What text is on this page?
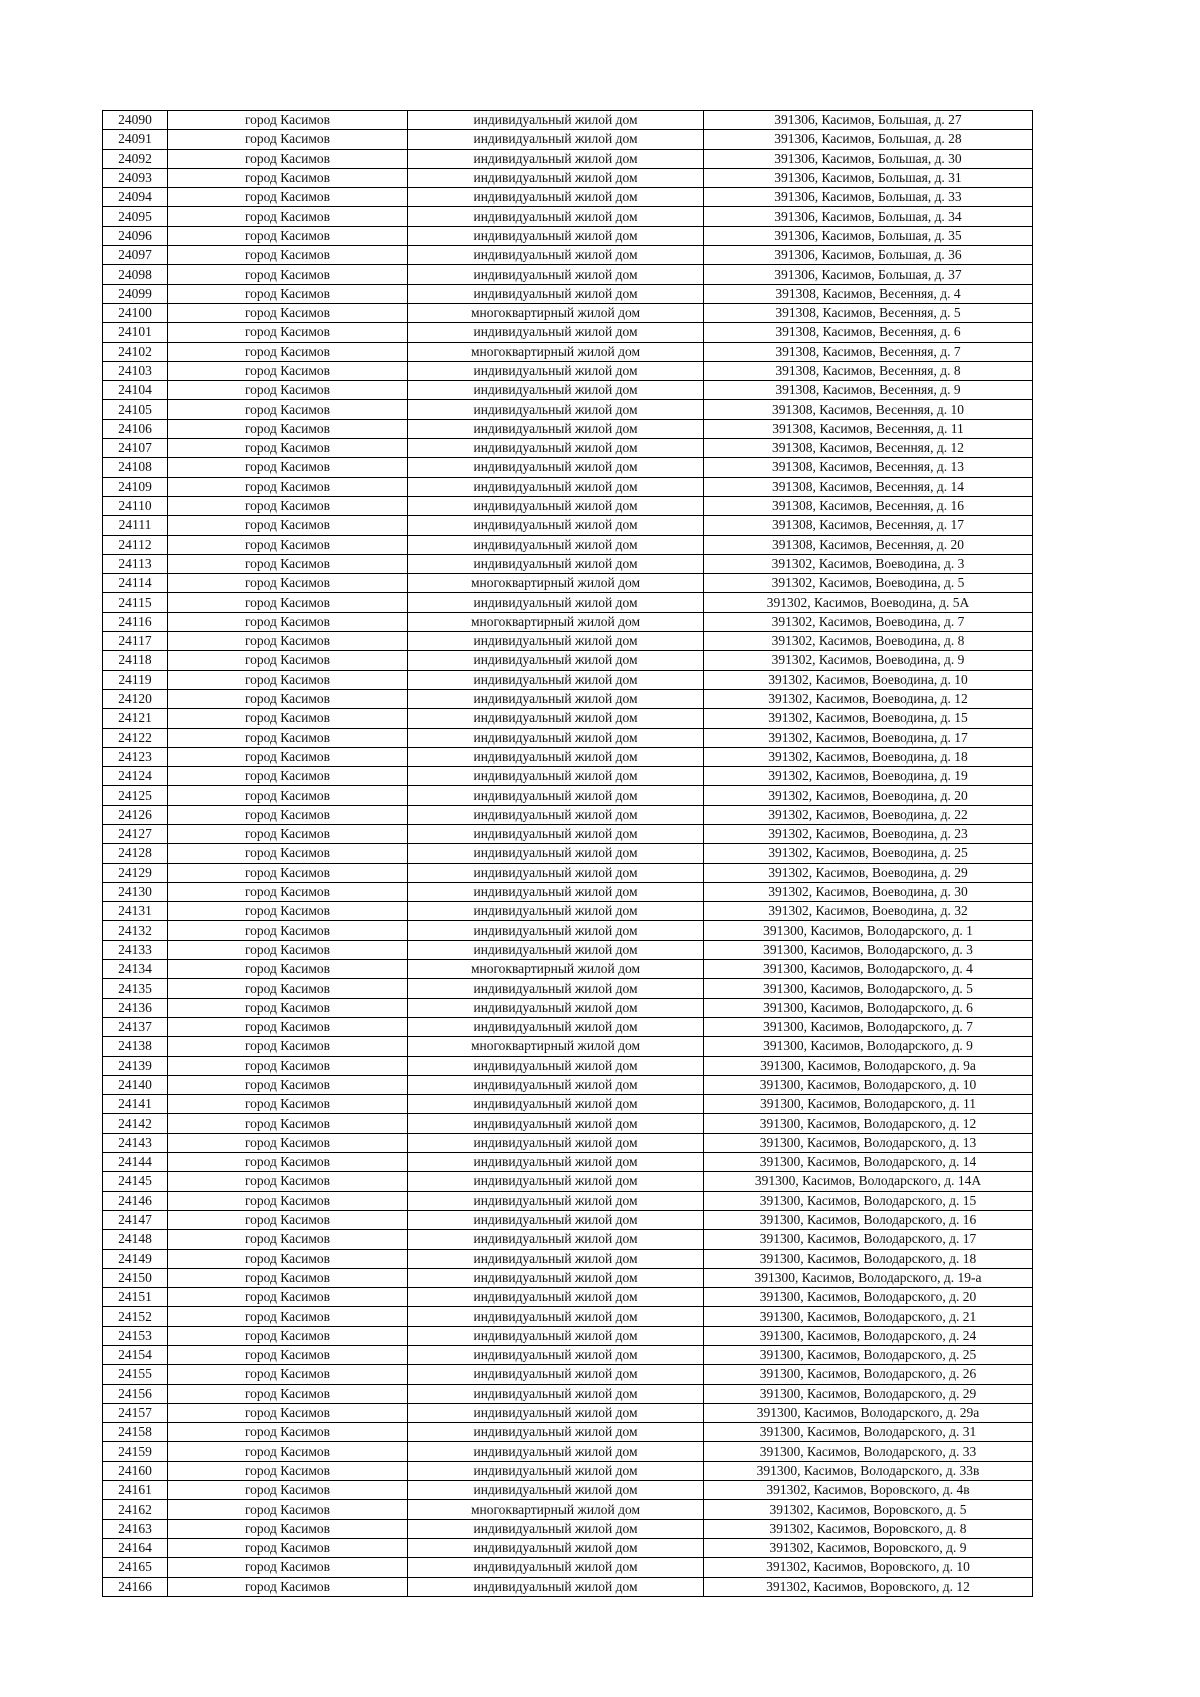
24090	город Касимов	индивидуальный жилой дом	391306, Касимов, Большая, д. 27
24091	город Касимов	индивидуальный жилой дом	391306, Касимов, Большая, д. 28
24092	город Касимов	индивидуальный жилой дом	391306, Касимов, Большая, д. 30
24093	город Касимов	индивидуальный жилой дом	391306, Касимов, Большая, д. 31
24094	город Касимов	индивидуальный жилой дом	391306, Касимов, Большая, д. 33
24095	город Касимов	индивидуальный жилой дом	391306, Касимов, Большая, д. 34
24096	город Касимов	индивидуальный жилой дом	391306, Касимов, Большая, д. 35
24097	город Касимов	индивидуальный жилой дом	391306, Касимов, Большая, д. 36
24098	город Касимов	индивидуальный жилой дом	391306, Касимов, Большая, д. 37
24099	город Касимов	индивидуальный жилой дом	391308, Касимов, Весенняя, д. 4
24100	город Касимов	многоквартирный жилой дом	391308, Касимов, Весенняя, д. 5
24101	город Касимов	индивидуальный жилой дом	391308, Касимов, Весенняя, д. 6
24102	город Касимов	многоквартирный жилой дом	391308, Касимов, Весенняя, д. 7
24103	город Касимов	индивидуальный жилой дом	391308, Касимов, Весенняя, д. 8
24104	город Касимов	индивидуальный жилой дом	391308, Касимов, Весенняя, д. 9
24105	город Касимов	индивидуальный жилой дом	391308, Касимов, Весенняя, д. 10
24106	город Касимов	индивидуальный жилой дом	391308, Касимов, Весенняя, д. 11
24107	город Касимов	индивидуальный жилой дом	391308, Касимов, Весенняя, д. 12
24108	город Касимов	индивидуальный жилой дом	391308, Касимов, Весенняя, д. 13
24109	город Касимов	индивидуальный жилой дом	391308, Касимов, Весенняя, д. 14
24110	город Касимов	индивидуальный жилой дом	391308, Касимов, Весенняя, д. 16
24111	город Касимов	индивидуальный жилой дом	391308, Касимов, Весенняя, д. 17
24112	город Касимов	индивидуальный жилой дом	391308, Касимов, Весенняя, д. 20
24113	город Касимов	индивидуальный жилой дом	391302, Касимов, Воеводина, д. 3
24114	город Касимов	многоквартирный жилой дом	391302, Касимов, Воеводина, д. 5
24115	город Касимов	индивидуальный жилой дом	391302, Касимов, Воеводина, д. 5А
24116	город Касимов	многоквартирный жилой дом	391302, Касимов, Воеводина, д. 7
24117	город Касимов	индивидуальный жилой дом	391302, Касимов, Воеводина, д. 8
24118	город Касимов	индивидуальный жилой дом	391302, Касимов, Воеводина, д. 9
24119	город Касимов	индивидуальный жилой дом	391302, Касимов, Воеводина, д. 10
24120	город Касимов	индивидуальный жилой дом	391302, Касимов, Воеводина, д. 12
24121	город Касимов	индивидуальный жилой дом	391302, Касимов, Воеводина, д. 15
24122	город Касимов	индивидуальный жилой дом	391302, Касимов, Воеводина, д. 17
24123	город Касимов	индивидуальный жилой дом	391302, Касимов, Воеводина, д. 18
24124	город Касимов	индивидуальный жилой дом	391302, Касимов, Воеводина, д. 19
24125	город Касимов	индивидуальный жилой дом	391302, Касимов, Воеводина, д. 20
24126	город Касимов	индивидуальный жилой дом	391302, Касимов, Воеводина, д. 22
24127	город Касимов	индивидуальный жилой дом	391302, Касимов, Воеводина, д. 23
24128	город Касимов	индивидуальный жилой дом	391302, Касимов, Воеводина, д. 25
24129	город Касимов	индивидуальный жилой дом	391302, Касимов, Воеводина, д. 29
24130	город Касимов	индивидуальный жилой дом	391302, Касимов, Воеводина, д. 30
24131	город Касимов	индивидуальный жилой дом	391302, Касимов, Воеводина, д. 32
24132	город Касимов	индивидуальный жилой дом	391300, Касимов, Володарского, д. 1
24133	город Касимов	индивидуальный жилой дом	391300, Касимов, Володарского, д. 3
24134	город Касимов	многоквартирный жилой дом	391300, Касимов, Володарского, д. 4
24135	город Касимов	индивидуальный жилой дом	391300, Касимов, Володарского, д. 5
24136	город Касимов	индивидуальный жилой дом	391300, Касимов, Володарского, д. 6
24137	город Касимов	индивидуальный жилой дом	391300, Касимов, Володарского, д. 7
24138	город Касимов	многоквартирный жилой дом	391300, Касимов, Володарского, д. 9
24139	город Касимов	индивидуальный жилой дом	391300, Касимов, Володарского, д. 9а
24140	город Касимов	индивидуальный жилой дом	391300, Касимов, Володарского, д. 10
24141	город Касимов	индивидуальный жилой дом	391300, Касимов, Володарского, д. 11
24142	город Касимов	индивидуальный жилой дом	391300, Касимов, Володарского, д. 12
24143	город Касимов	индивидуальный жилой дом	391300, Касимов, Володарского, д. 13
24144	город Касимов	индивидуальный жилой дом	391300, Касимов, Володарского, д. 14
24145	город Касимов	индивидуальный жилой дом	391300, Касимов, Володарского, д. 14А
24146	город Касимов	индивидуальный жилой дом	391300, Касимов, Володарского, д. 15
24147	город Касимов	индивидуальный жилой дом	391300, Касимов, Володарского, д. 16
24148	город Касимов	индивидуальный жилой дом	391300, Касимов, Володарского, д. 17
24149	город Касимов	индивидуальный жилой дом	391300, Касимов, Володарского, д. 18
24150	город Касимов	индивидуальный жилой дом	391300, Касимов, Володарского, д. 19-а
24151	город Касимов	индивидуальный жилой дом	391300, Касимов, Володарского, д. 20
24152	город Касимов	индивидуальный жилой дом	391300, Касимов, Володарского, д. 21
24153	город Касимов	индивидуальный жилой дом	391300, Касимов, Володарского, д. 24
24154	город Касимов	индивидуальный жилой дом	391300, Касимов, Володарского, д. 25
24155	город Касимов	индивидуальный жилой дом	391300, Касимов, Володарского, д. 26
24156	город Касимов	индивидуальный жилой дом	391300, Касимов, Володарского, д. 29
24157	город Касимов	индивидуальный жилой дом	391300, Касимов, Володарского, д. 29а
24158	город Касимов	индивидуальный жилой дом	391300, Касимов, Володарского, д. 31
24159	город Касимов	индивидуальный жилой дом	391300, Касимов, Володарского, д. 33
24160	город Касимов	индивидуальный жилой дом	391300, Касимов, Володарского, д. 33в
24161	город Касимов	индивидуальный жилой дом	391302, Касимов, Воровского, д. 4в
24162	город Касимов	многоквартирный жилой дом	391302, Касимов, Воровского, д. 5
24163	город Касимов	индивидуальный жилой дом	391302, Касимов, Воровского, д. 8
24164	город Касимов	индивидуальный жилой дом	391302, Касимов, Воровского, д. 9
24165	город Касимов	индивидуальный жилой дом	391302, Касимов, Воровского, д. 10
24166	город Касимов	индивидуальный жилой дом	391302, Касимов, Воровского, д. 12
